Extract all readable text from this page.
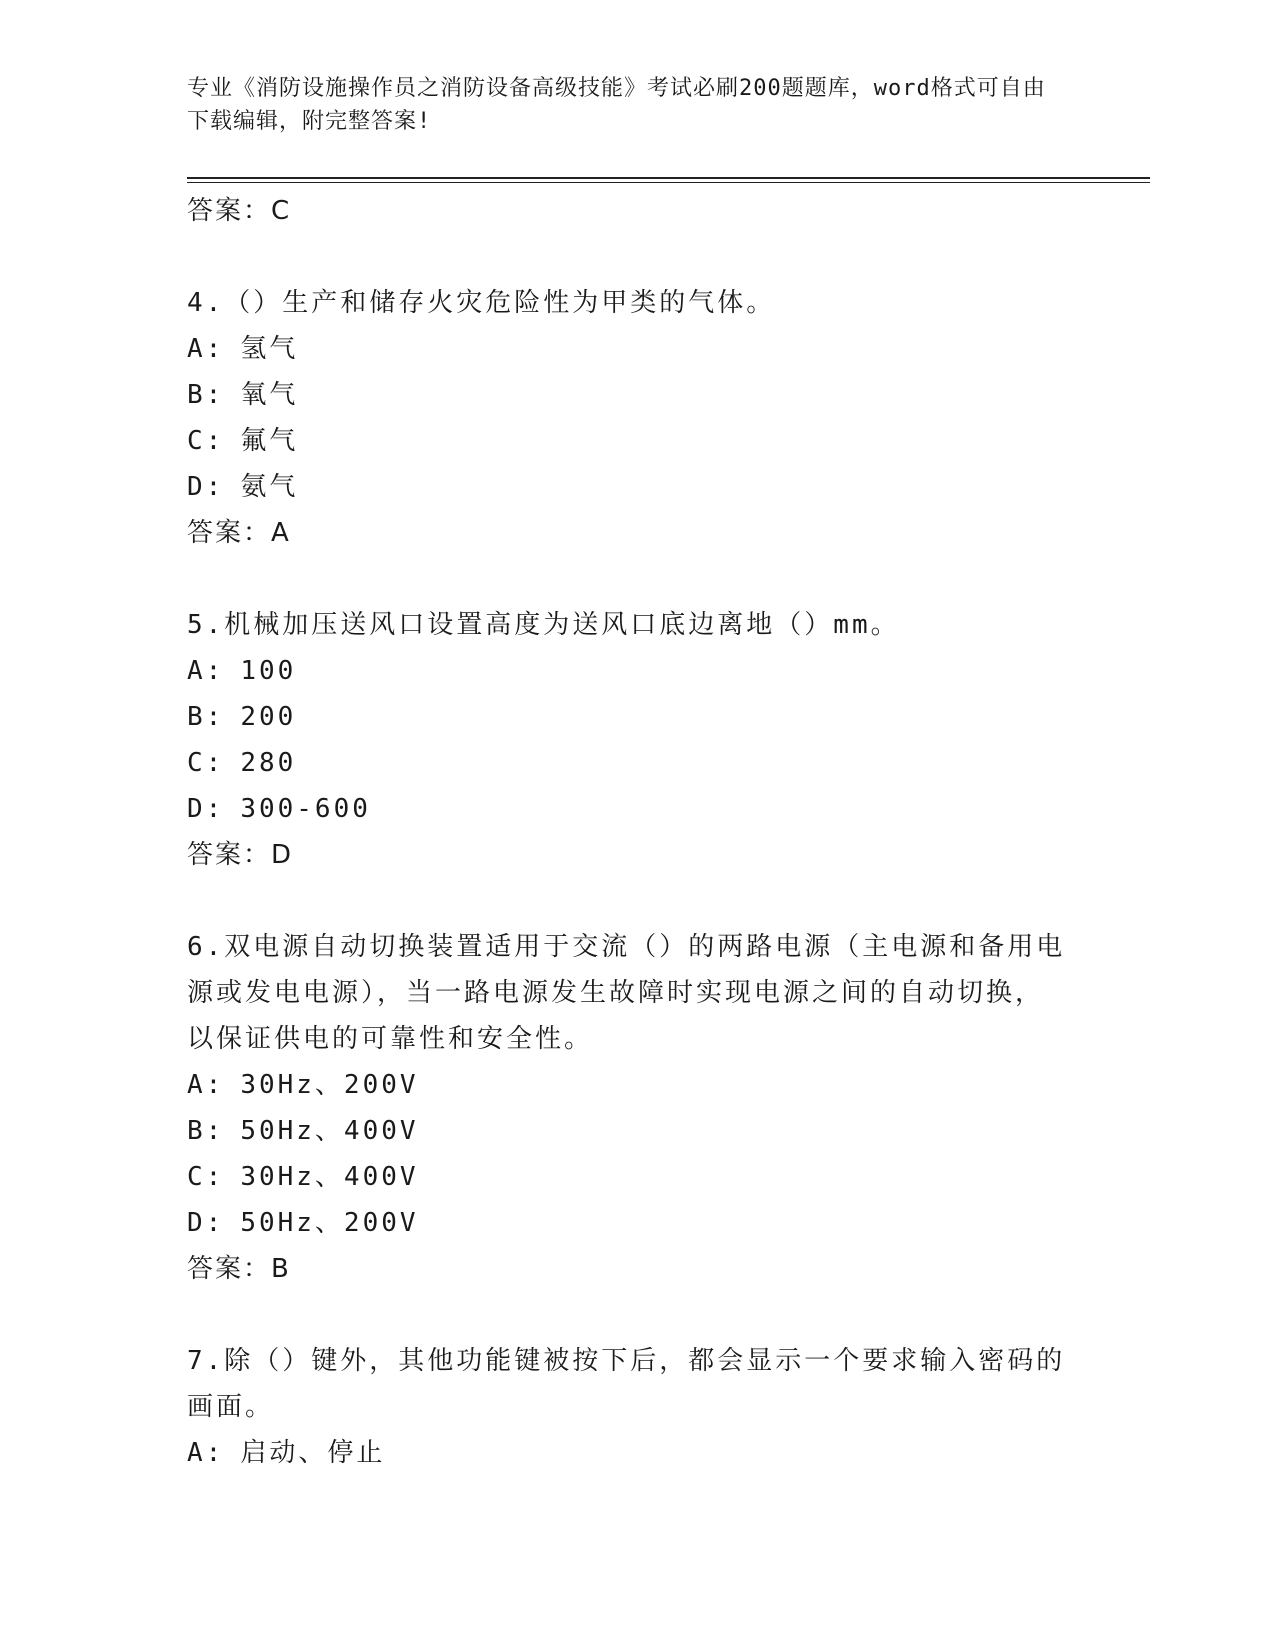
专业《消防设施操作员之消防设备高级技能》考试必刷200题题库，word格式可自由下载编辑，附完整答案!
答案：C
4.（）生产和储存火灾危险性为甲类的气体。
A: 氢气
B: 氧气
C: 氟气
D: 氨气
答案：A
5.机械加压送风口设置高度为送风口底边离地（）mm。
A: 100
B: 200
C: 280
D: 300-600
答案：D
6.双电源自动切换装置适用于交流（）的两路电源（主电源和备用电源或发电电源），当一路电源发生故障时实现电源之间的自动切换，以保证供电的可靠性和安全性。
A: 30Hz、200V
B: 50Hz、400V
C: 30Hz、400V
D: 50Hz、200V
答案：B
7.除（）键外，其他功能键被按下后，都会显示一个要求输入密码的画面。
A: 启动、停止
